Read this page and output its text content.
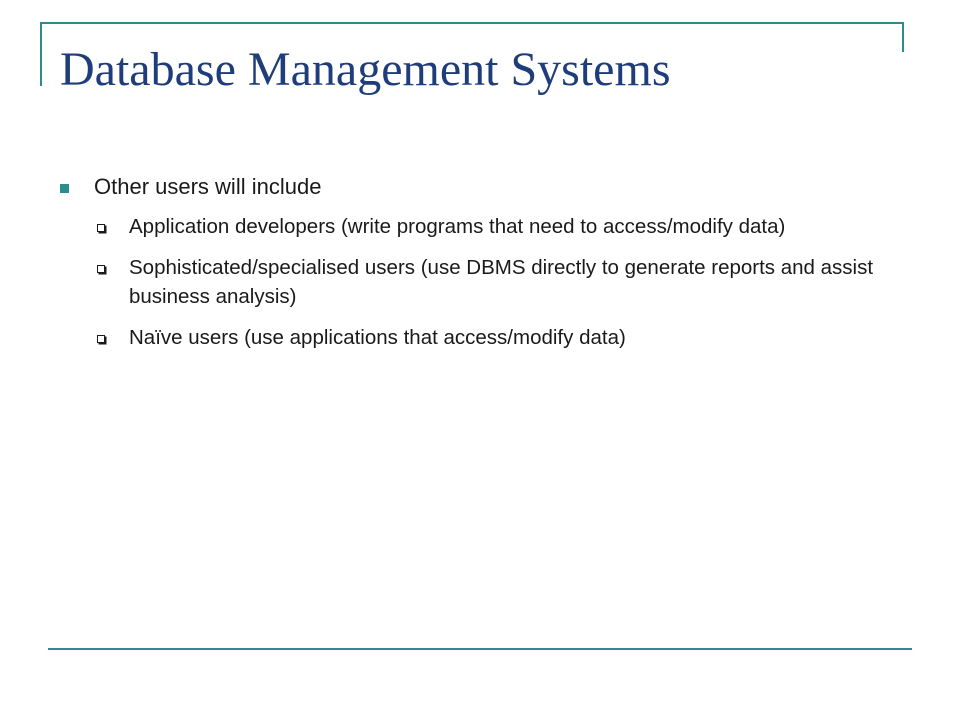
Database Management Systems
Other users will include
Application developers (write programs that need to access/modify data)
Sophisticated/specialised users (use DBMS directly to generate reports and assist business analysis)
Naïve users (use applications that access/modify data)
